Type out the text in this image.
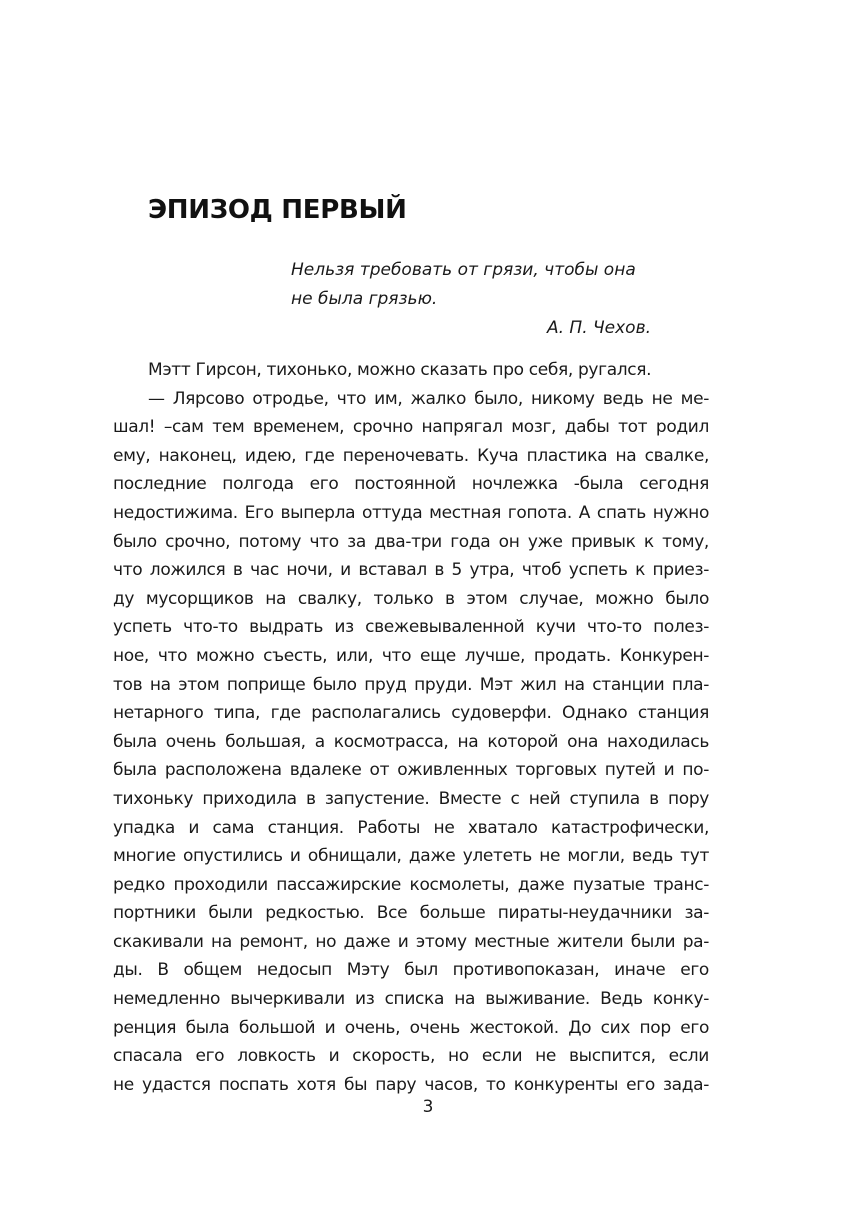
ЭПИЗОД ПЕРВЫЙ
Нельзя требовать от грязи, чтобы она
не была грязью.
А. П. Чехов.
Мэтт Гирсон, тихонько, можно сказать про себя, ругался.
— Лярсово отродье, что им, жалко было, никому ведь не ме-
шал! –сам тем временем, срочно напрягал мозг, дабы тот родил
ему, наконец, идею, где переночевать. Куча пластика на свалке,
последние полгода его постоянной ночлежка -была сегодня
недостижима. Его выперла оттуда местная гопота. А спать нужно
было срочно, потому что за два-три года он уже привык к тому,
что ложился в час ночи, и вставал в 5 утра, чтоб успеть к приез-
ду мусорщиков на свалку, только в этом случае, можно было
успеть что-то выдрать из свежевываленной кучи что-то полез-
ное, что можно съесть, или, что еще лучше, продать. Конкурен-
тов на этом поприще было пруд пруди. Мэт жил на станции пла-
нетарного типа, где располагались судоверфи. Однако станция
была очень большая, а космотрасса, на которой она находилась
была расположена вдалеке от оживленных торговых путей и по-
тихоньку приходила в запустение. Вместе с ней ступила в пору
упадка и сама станция. Работы не хватало катастрофически,
многие опустились и обнищали, даже улететь не могли, ведь тут
редко проходили пассажирские космолеты, даже пузатые транс-
портники были редкостью. Все больше пираты-неудачники за-
скакивали на ремонт, но даже и этому местные жители были ра-
ды. В общем недосып Мэту был противопоказан, иначе его
немедленно вычеркивали из списка на выживание. Ведь конку-
ренция была большой и очень, очень жестокой. До сих пор его
спасала его ловкость и скорость, но если не выспится, если
не удастся поспать хотя бы пару часов, то конкуренты его зада-
3
